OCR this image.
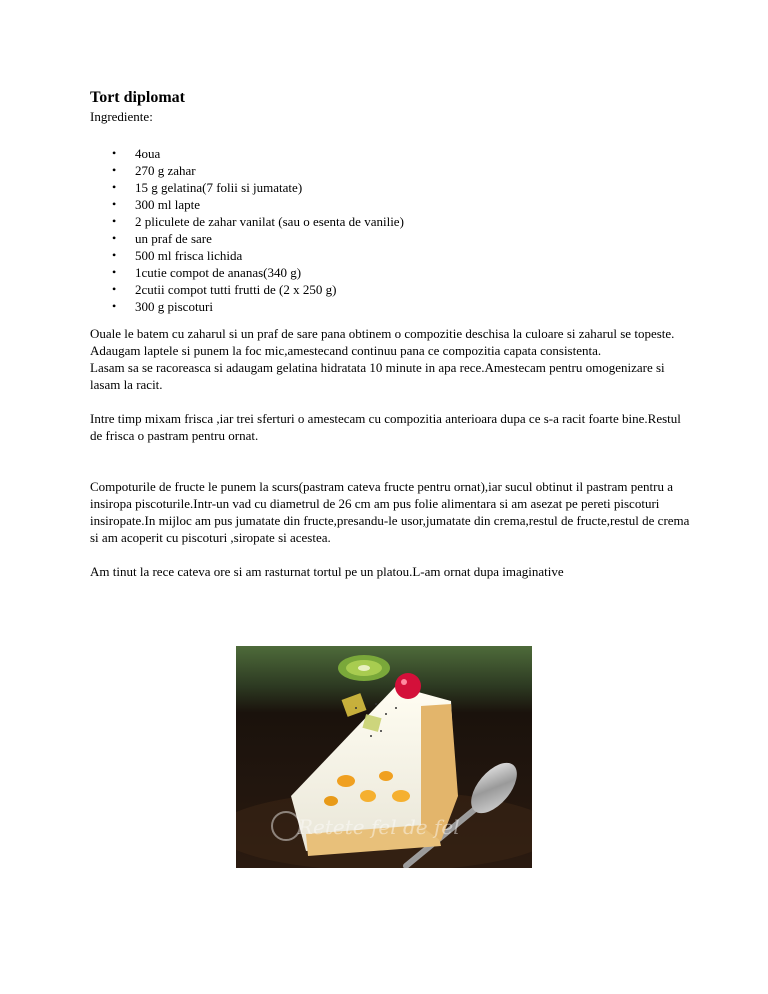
Tort diplomat

Ingrediente:

• 4oua
• 270 g zahar
• 15 g gelatina(7 folii si jumatate)
• 300 ml lapte
• 2 pliculete de zahar vanilat (sau o esenta de vanilie)
• un praf de sare
• 500 ml frisca lichida
• 1cutie compot de ananas(340 g)
• 2cutii compot tutti frutti de (2 x 250 g)
• 300 g piscoturi

Ouale le batem cu zaharul si un praf de sare pana obtinem o compozitie deschisa la culoare si zaharul se topeste. Adaugam laptele si punem la foc mic,amestecand continuu pana ce compozitia capata consistenta.

Lasam sa se racoreasca si adaugam gelatina hidratata 10 minute in apa rece.Amestecam pentru omogenizare si lasam la racit.

Intre timp mixam frisca ,iar trei sferturi o amestecam cu compozitia anterioara dupa ce s-a racit foarte bine.Restul de frisca o pastram pentru ornat.

Compoturile de fructe le punem la scurs(pastram cateva fructe pentru ornat),iar sucul obtinut il pastram pentru a insiropa piscoturile.Intr-un vad cu diametrul de 26 cm am pus folie alimentara si am asezat pe pereti piscoturi insiropate.In mijloc am pus jumatate din fructe,presandu-le usor,jumatate din crema,restul de fructe,restul de crema si am acoperit cu piscoturi ,siropate si acestea.

Am tinut la rece cateva ore si am rasturnat tortul pe un platou.L-am ornat dupa imaginative

Retete fel de fel
